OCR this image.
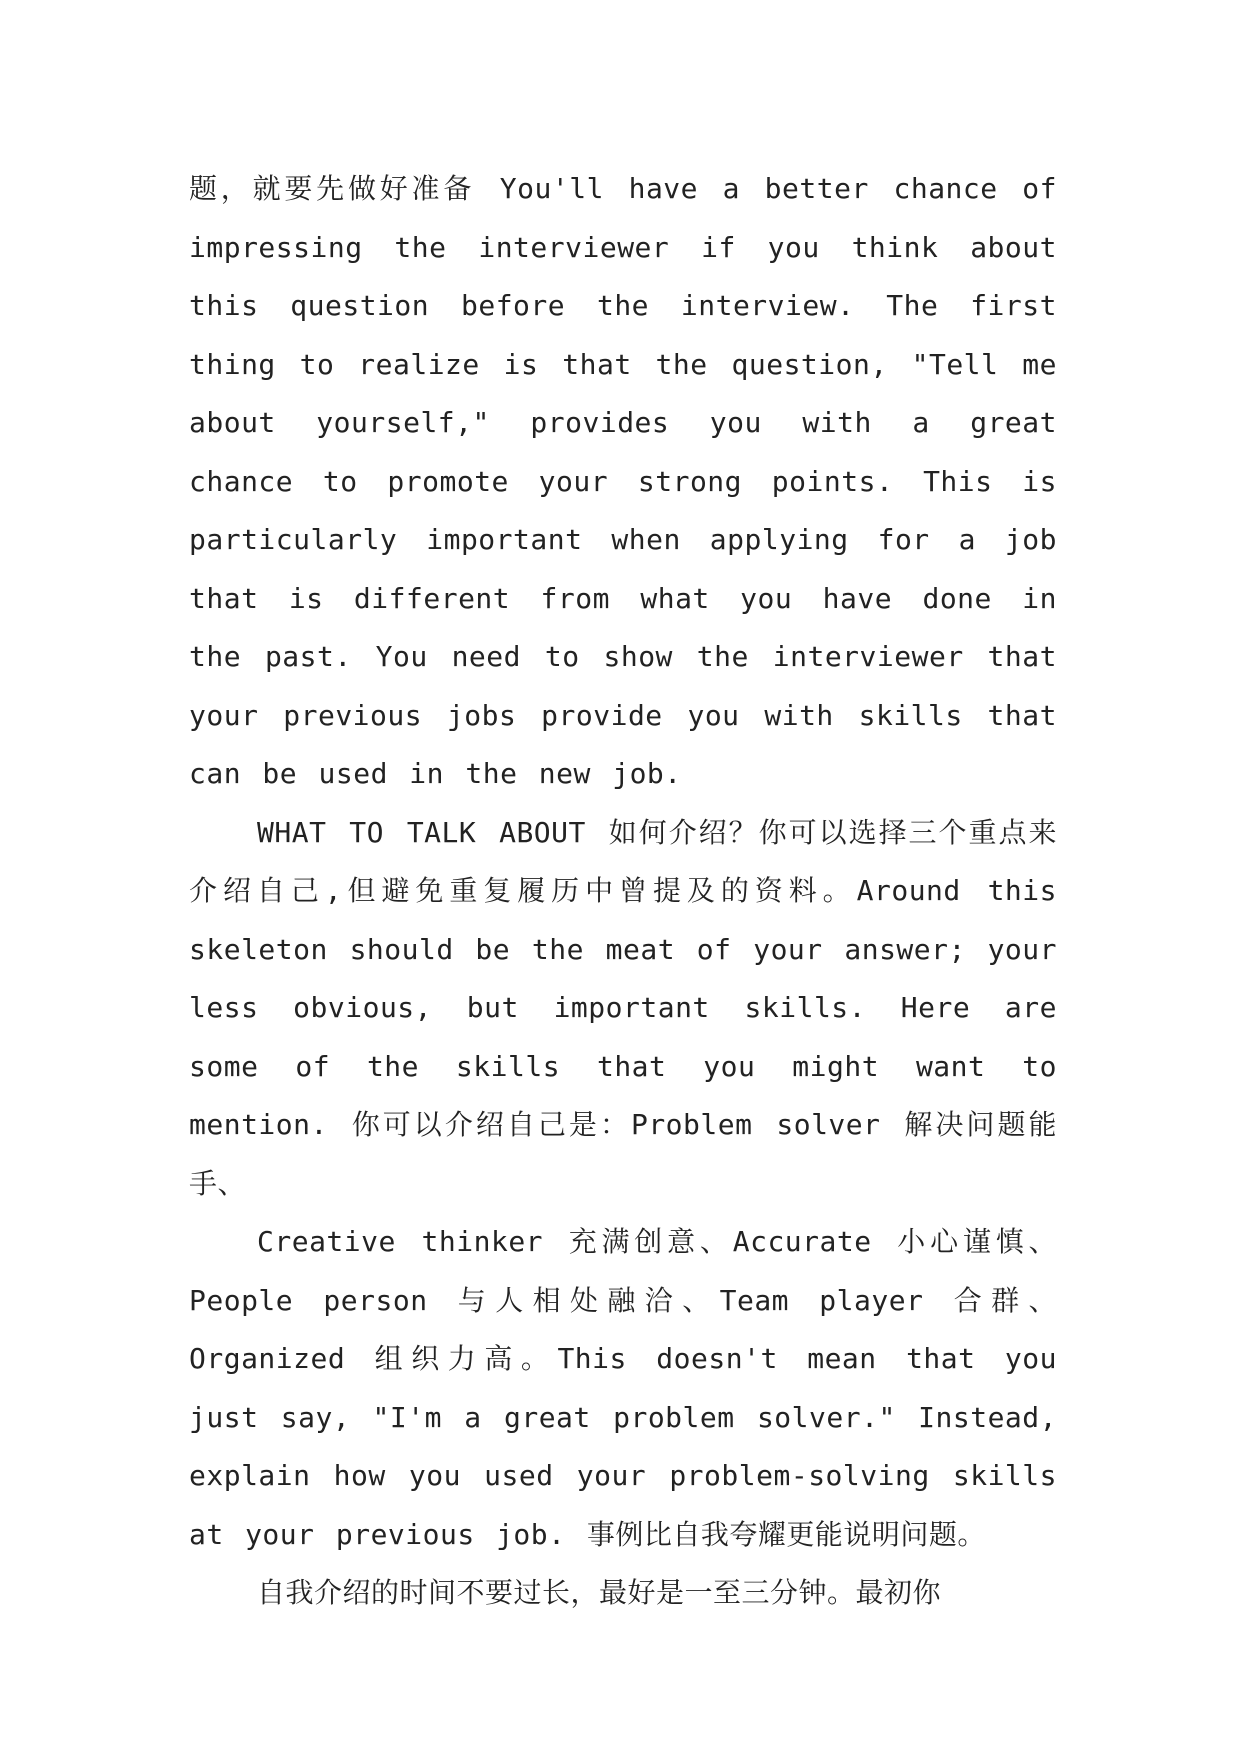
题，就要先做好准备 You'll have a better chance of impressing the interviewer if you think about this question before the interview. The first thing to realize is that the question, "Tell me about yourself," provides you with a great chance to promote your strong points. This is particularly important when applying for a job that is different from what you have done in the past. You need to show the interviewer that your previous jobs provide you with skills that can be used in the new job.

WHAT TO TALK ABOUT 如何介绍？你可以选择三个重点来介绍自己,但避免重复履历中曾提及的资料。Around this skeleton should be the meat of your answer; your less obvious, but important skills. Here are some of the skills that you might want to mention. 你可以介绍自己是：Problem solver 解决问题能手、

Creative thinker 充满创意、Accurate 小心谨慎、People person 与人相处融洽、Team player 合群、Organized 组织力高。This doesn't mean that you just say, "I'm a great problem solver." Instead, explain how you used your problem-solving skills at your previous job. 事例比自我夸耀更能说明问题。

自我介绍的时间不要过长，最好是一至三分钟。最初你
